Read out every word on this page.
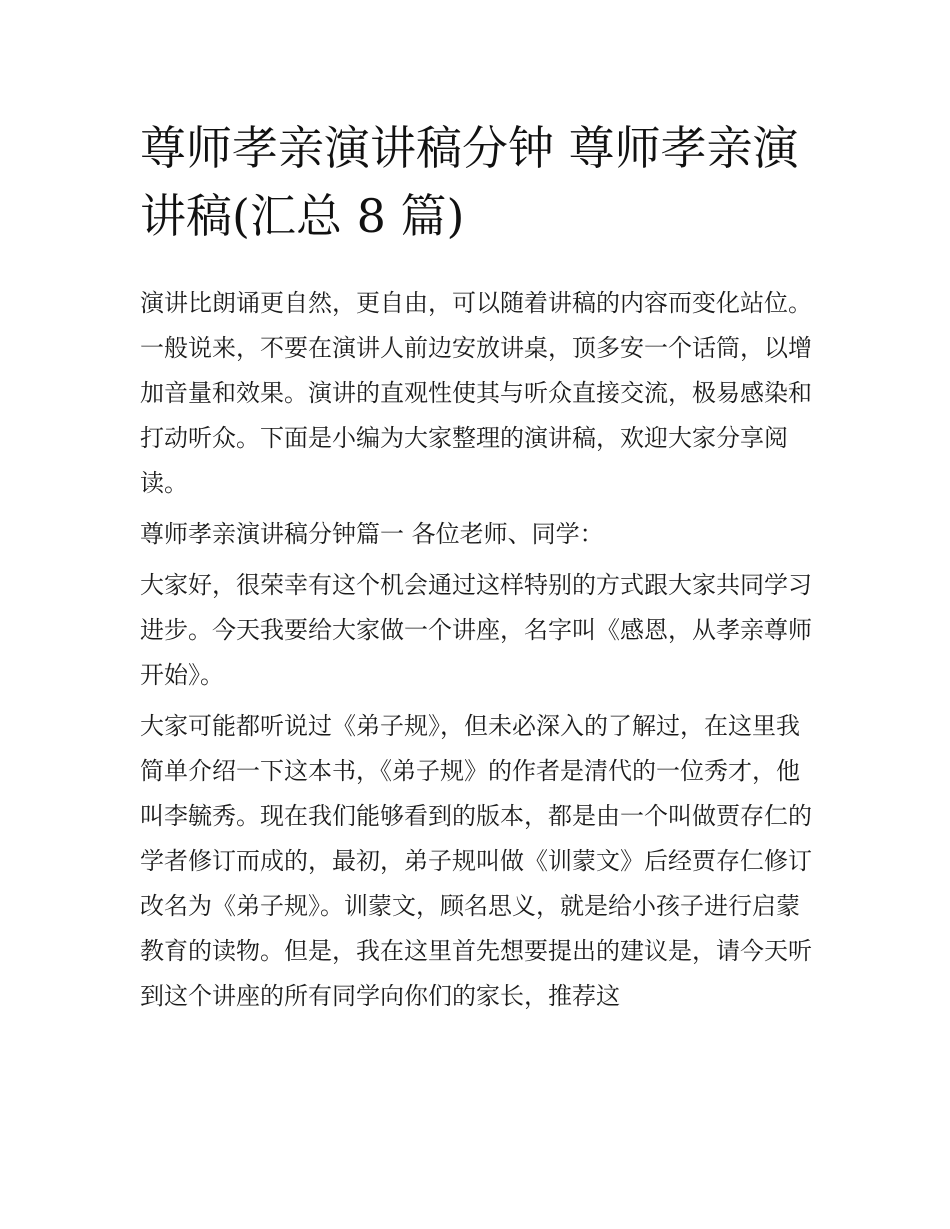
尊师孝亲演讲稿分钟 尊师孝亲演讲稿(汇总 8 篇)

演讲比朗诵更自然，更自由，可以随着讲稿的内容而变化站位。一般说来，不要在演讲人前边安放讲桌，顶多安一个话筒，以增加音量和效果。演讲的直观性使其与听众直接交流，极易感染和打动听众。下面是小编为大家整理的演讲稿，欢迎大家分享阅读。

尊师孝亲演讲稿分钟篇一 各位老师、同学：

大家好，很荣幸有这个机会通过这样特别的方式跟大家共同学习进步。今天我要给大家做一个讲座，名字叫《感恩，从孝亲尊师开始》。

大家可能都听说过《弟子规》，但未必深入的了解过，在这里我简单介绍一下这本书，《弟子规》的作者是清代的一位秀才，他叫李毓秀。现在我们能够看到的版本，都是由一个叫做贾存仁的学者修订而成的，最初，弟子规叫做《训蒙文》后经贾存仁修订改名为《弟子规》。训蒙文，顾名思义，就是给小孩子进行启蒙教育的读物。但是，我在这里首先想要提出的建议是，请今天听到这个讲座的所有同学向你们的家长，推荐这
